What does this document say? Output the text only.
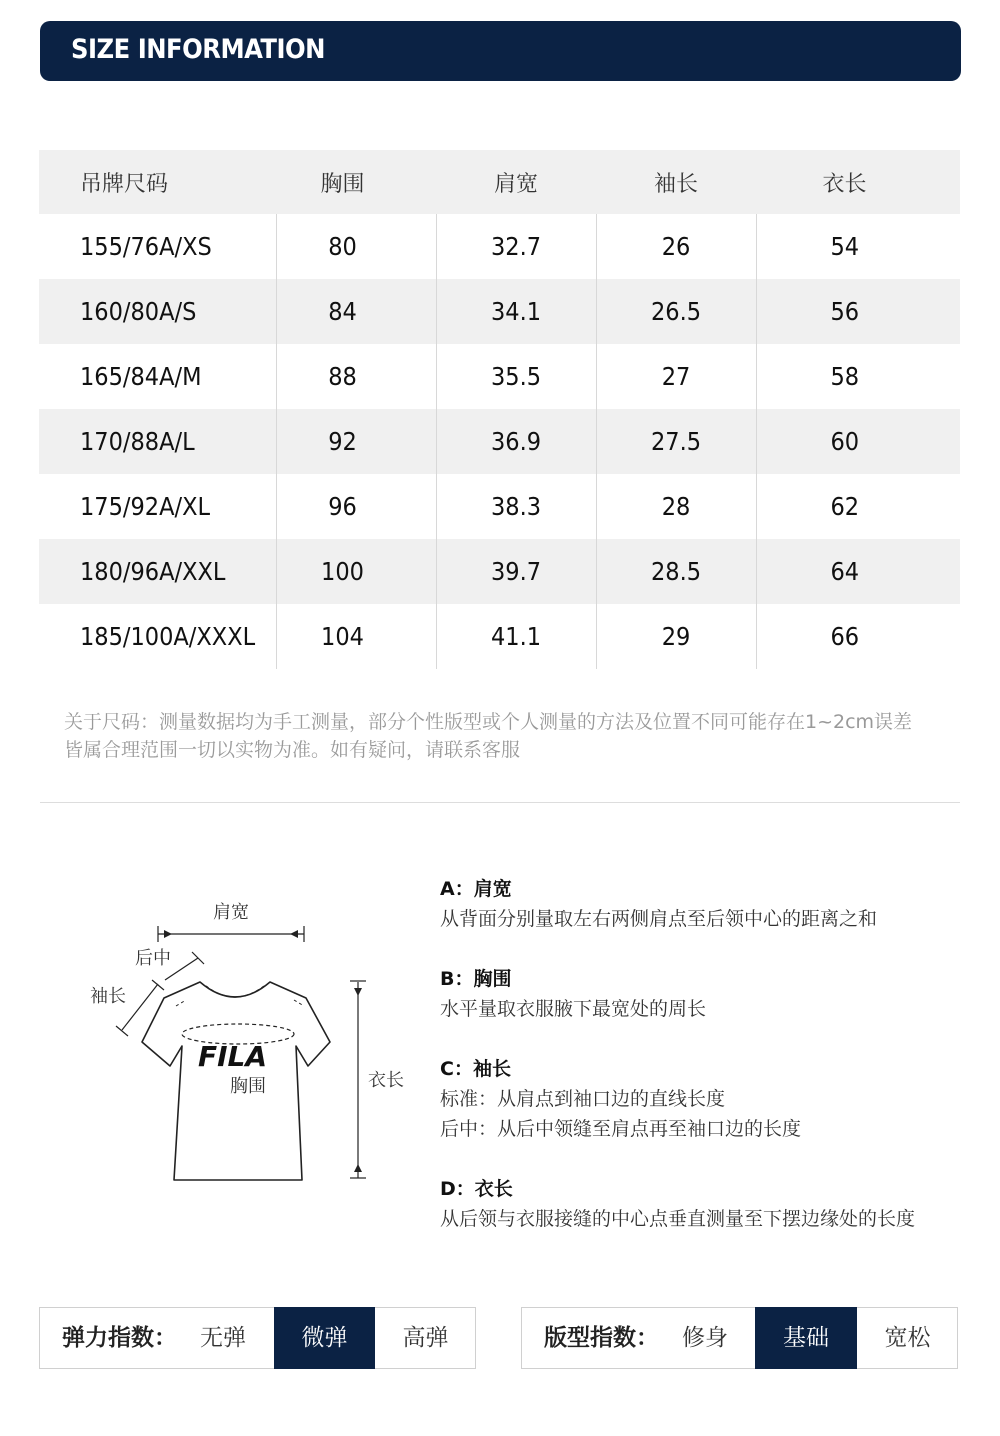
SIZE INFORMATION
吊牌尺码	胸围	肩宽	袖长	衣长
155/76A/XS	80	32.7	26	54
160/80A/S	84	34.1	26.5	56
165/84A/M	88	35.5	27	58
170/88A/L	92	36.9	27.5	60
175/92A/XL	96	38.3	28	62
180/96A/XXL	100	39.7	28.5	64
185/100A/XXXL	104	41.1	29	66
关于尺码：测量数据均为手工测量，部分个性版型或个人测量的方法及位置不同可能存在1~2cm误差
皆属合理范围一切以实物为准。如有疑问，请联系客服
肩宽
后中
袖长
FILA
胸围	衣长
A：肩宽
从背面分别量取左右两侧肩点至后领中心的距离之和
B：胸围
水平量取衣服腋下最宽处的周长
C：袖长
标准：从肩点到袖口边的直线长度
后中：从后中领缝至肩点再至袖口边的长度
D：衣长
从后领与衣服接缝的中心点垂直测量至下摆边缘处的长度
弹力指数：	无弹	微弹	高弹	版型指数：	修身	基础	宽松
